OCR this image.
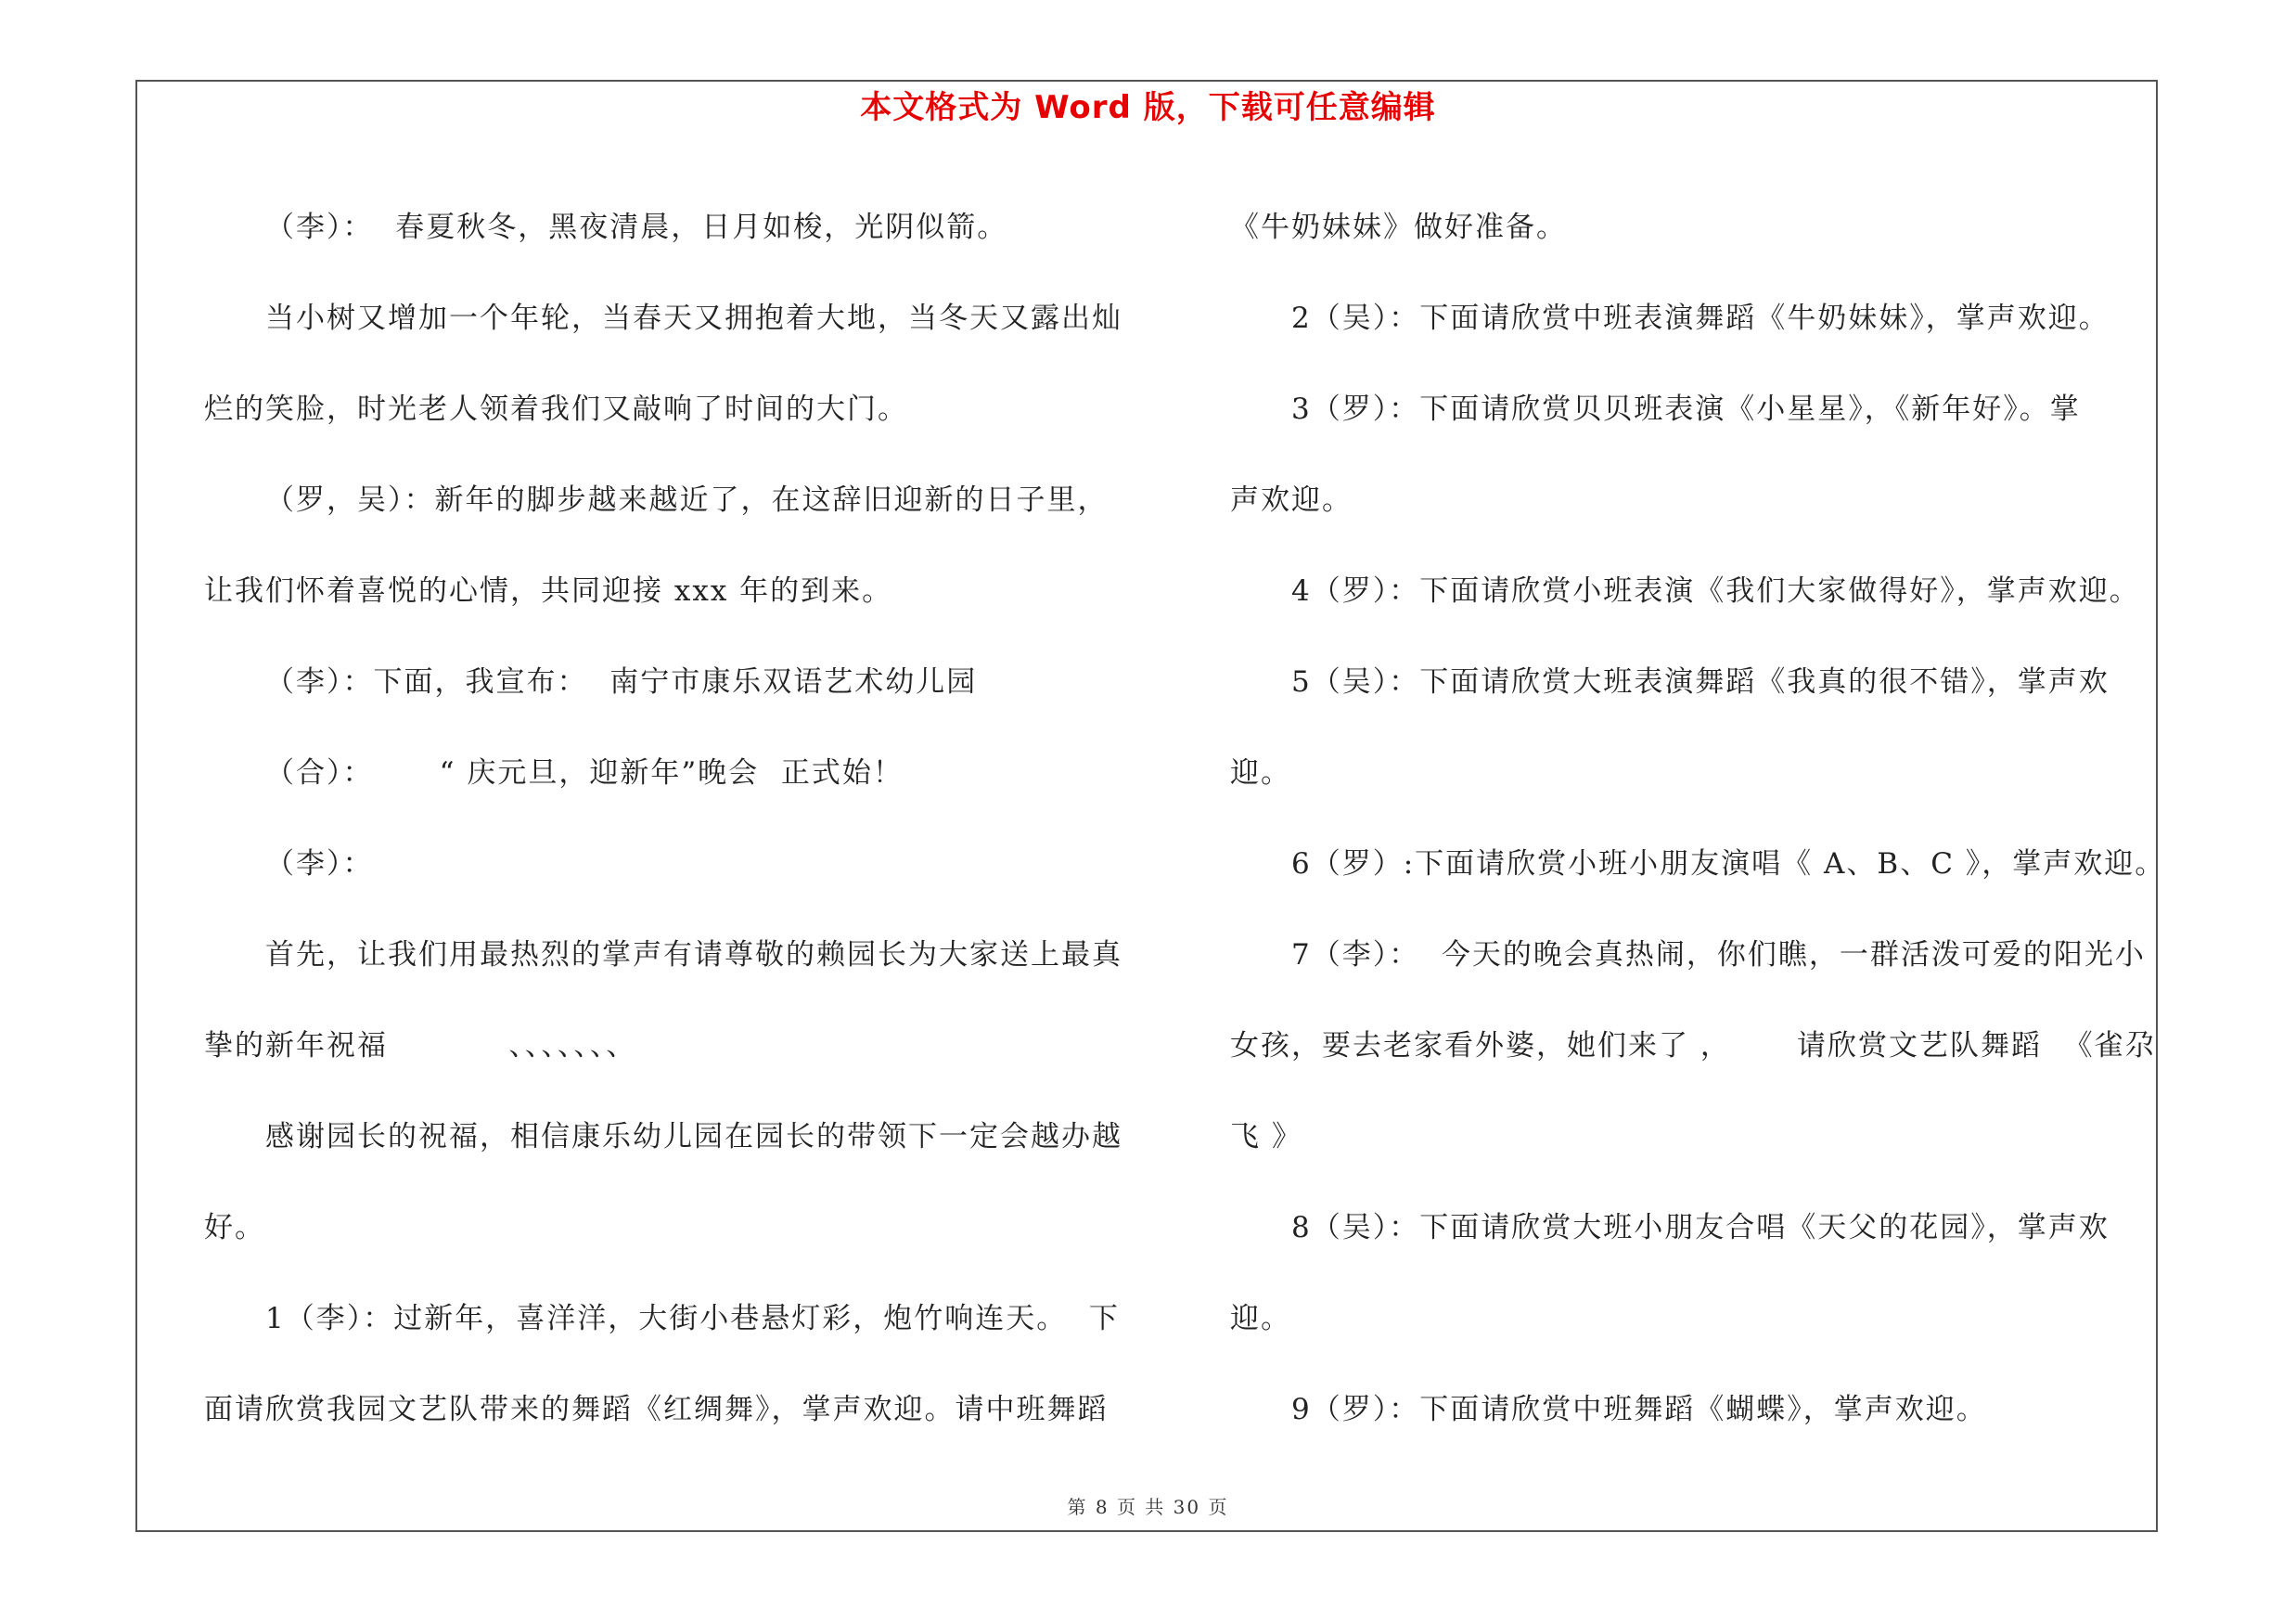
本文格式为 Word 版，下载可任意编辑
（李）：  春夏秋冬，黑夜清晨，日月如梭，光阴似箭。
当小树又增加一个年轮，当春天又拥抱着大地，当冬天又露出灿
烂的笑脸，时光老人领着我们又敲响了时间的大门。
（罗，吴）：新年的脚步越来越近了，在这辞旧迎新的日子里，
让我们怀着喜悦的心情，共同迎接 xxx 年的到来。
（李）：下面，我宣布：  南宁市康乐双语艺术幼儿园
（合）：      “ 庆元旦，迎新年”晚会  正式始！
（李）：
首先，让我们用最热烈的掌声有请尊敬的赖园长为大家送上最真
挚的新年祝福           、、、、、、、
感谢园长的祝福，相信康乐幼儿园在园长的带领下一定会越办越
好。
1（李）：过新年，喜洋洋，大街小巷悬灯彩，炮竹响连天。  下
面请欣赏我园文艺队带来的舞蹈《红绸舞》，掌声欢迎。请中班舞蹈
《牛奶妹妹》做好准备。
2（吴）：下面请欣赏中班表演舞蹈《牛奶妹妹》，掌声欢迎。
3（罗）：下面请欣赏贝贝班表演《小星星》，《新年好》。掌
声欢迎。
4（罗）：下面请欣赏小班表演《我们大家做得好》，掌声欢迎。
5（吴）：下面请欣赏大班表演舞蹈《我真的很不错》，掌声欢
迎。
6（罗）:下面请欣赏小班小朋友演唱《 A、B、C 》，掌声欢迎。
7（李）：  今天的晚会真热闹，你们瞧，一群活泼可爱的阳光小
女孩，要去老家看外婆，她们来了 ，      请欣赏文艺队舞蹈  《雀尕
飞 》
8（吴）：下面请欣赏大班小朋友合唱《天父的花园》，掌声欢
迎。
9（罗）：下面请欣赏中班舞蹈《蝴蝶》，掌声欢迎。
第 8 页 共 30 页
